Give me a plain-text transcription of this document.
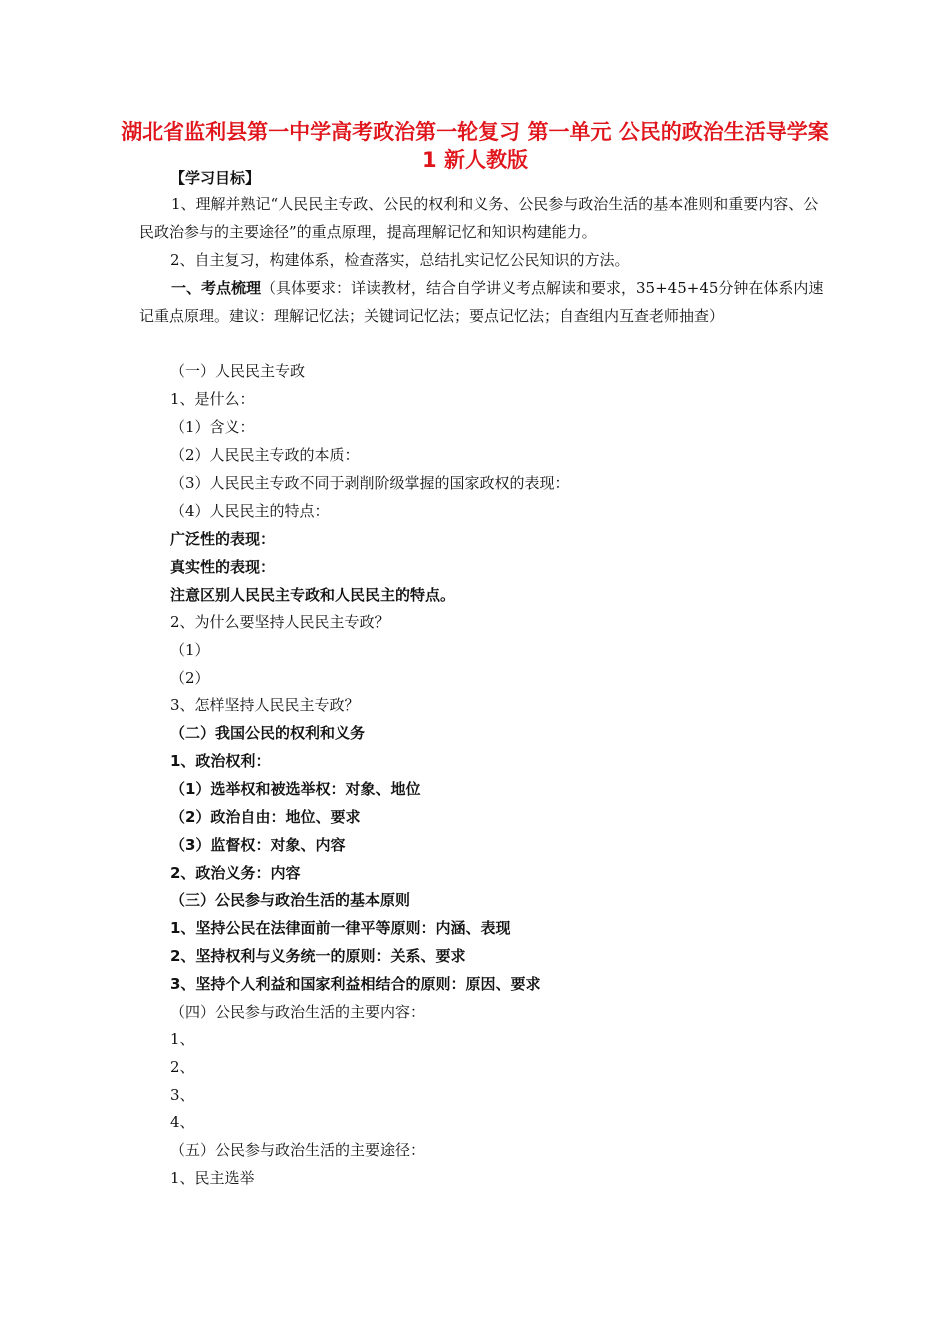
湖北省监利县第一中学高考政治第一轮复习 第一单元 公民的政治生活导学案1 新人教版
【学习目标】
1、理解并熟记“人民民主专政、公民的权利和义务、公民参与政治生活的基本准则和重要内容、公民政治参与的主要途径”的重点原理，提高理解记忆和知识构建能力。
2、自主复习，构建体系，检查落实，总结扎实记忆公民知识的方法。
一、考点梳理（具体要求：详读教材，结合自学讲义考点解读和要求，35+45+45分钟在体系内速记重点原理。建议：理解记忆法；关键词记忆法；要点记忆法；自查组内互查老师抽查）
（一）人民民主专政
1、是什么：
（1）含义：
（2）人民民主专政的本质：
（3）人民民主专政不同于剥削阶级掌握的国家政权的表现：
（4）人民民主的特点：
广泛性的表现：
真实性的表现：
注意区别人民民主专政和人民民主的特点。
2、为什么要坚持人民民主专政？
（1）
（2）
3、怎样坚持人民民主专政？
（二）我国公民的权利和义务
1、政治权利：
（1）选举权和被选举权：对象、地位
（2）政治自由：地位、要求
（3）监督权：对象、内容
2、政治义务：内容
（三）公民参与政治生活的基本原则
1、坚持公民在法律面前一律平等原则：内涵、表现
2、坚持权利与义务统一的原则：关系、要求
3、坚持个人利益和国家利益相结合的原则：原因、要求
（四）公民参与政治生活的主要内容：
1、
2、
3、
4、
（五）公民参与政治生活的主要途径：
1、民主选举
